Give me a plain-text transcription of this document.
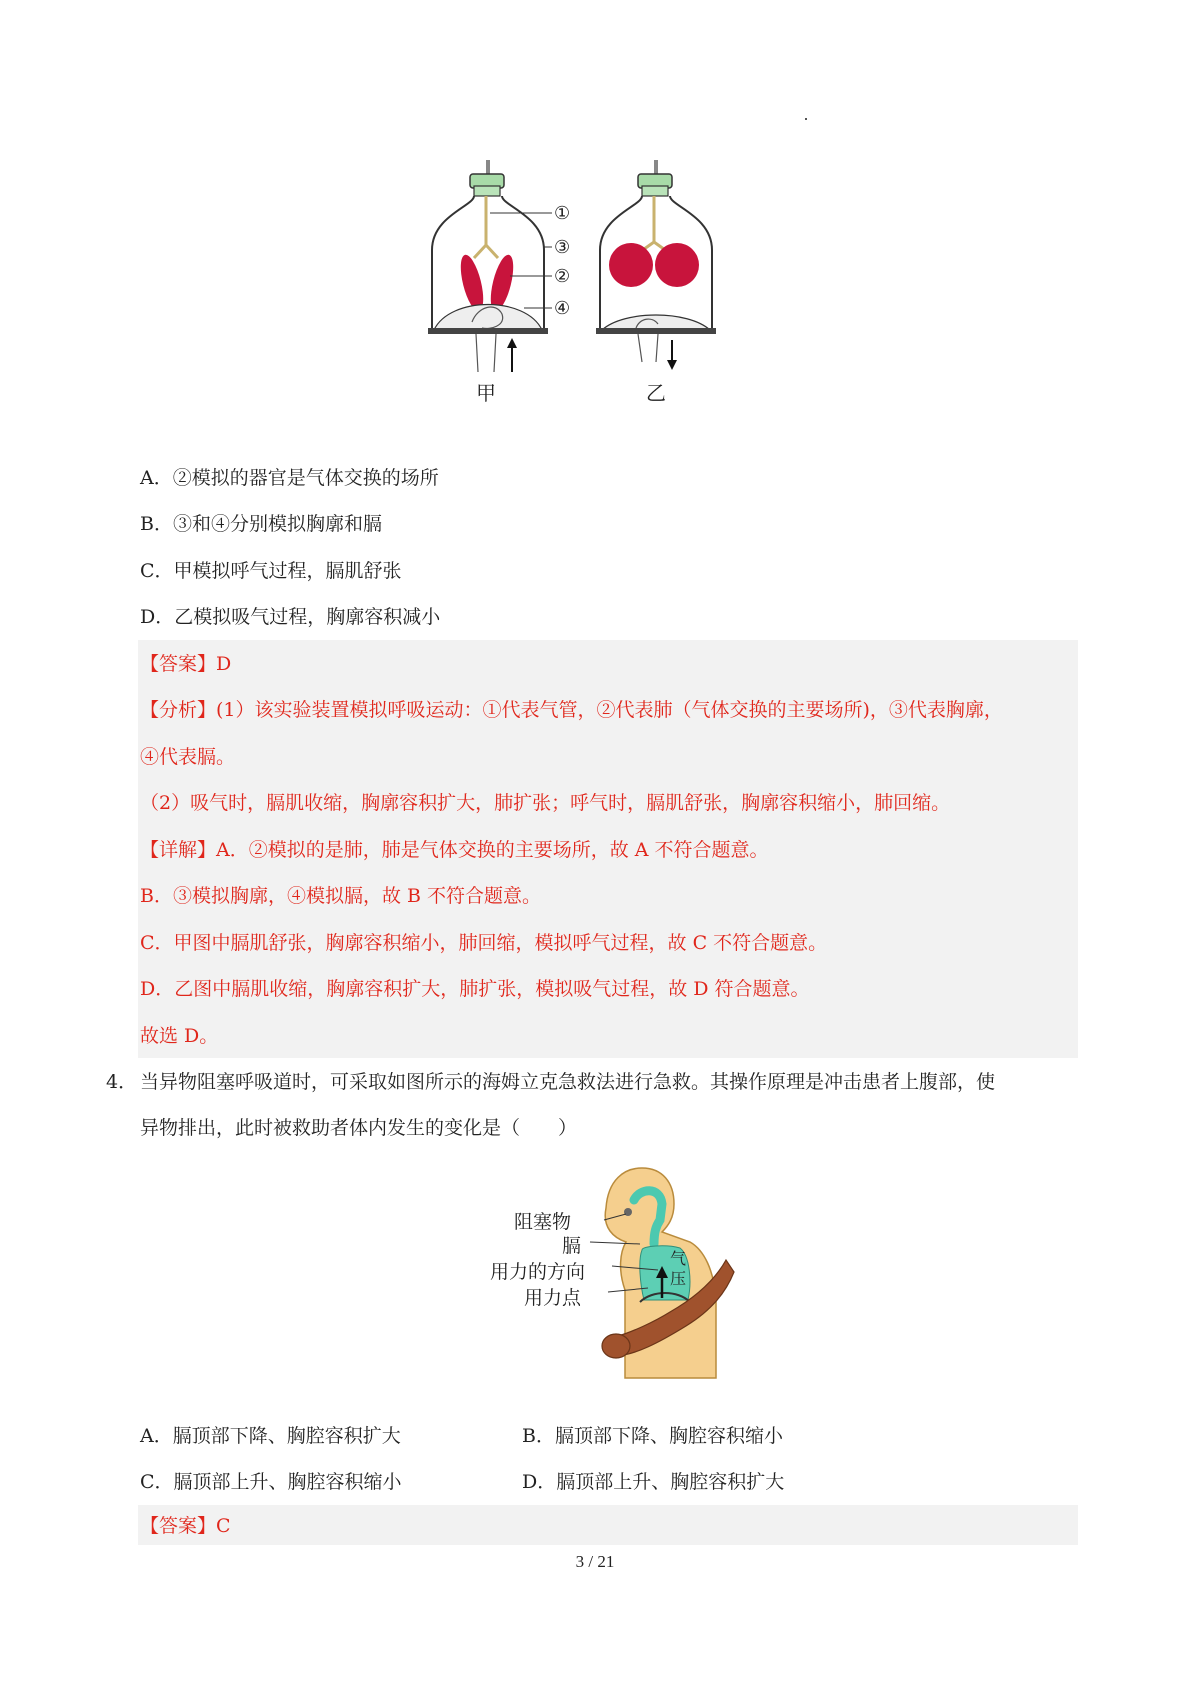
①
③
②
④
甲	乙
A．②模拟的器官是气体交换的场所
B．③和④分别模拟胸廓和膈
C．甲模拟呼气过程，膈肌舒张
D．乙模拟吸气过程，胸廓容积减小
【答案】D
【分析】(1）该实验装置模拟呼吸运动：①代表气管，②代表肺（气体交换的主要场所)，③代表胸廓，
④代表膈。
（2）吸气时，膈肌收缩，胸廓容积扩大，肺扩张；呼气时，膈肌舒张，胸廓容积缩小，肺回缩。
【详解】A．②模拟的是肺，肺是气体交换的主要场所，故 A 不符合题意。
B．③模拟胸廓，④模拟膈，故 B 不符合题意。
C．甲图中膈肌舒张，胸廓容积缩小，肺回缩，模拟呼气过程，故 C 不符合题意。
D．乙图中膈肌收缩，胸廓容积扩大，肺扩张，模拟吸气过程，故 D 符合题意。
故选 D。
4． 当异物阻塞呼吸道时，可采取如图所示的海姆立克急救法进行急救。其操作原理是冲击患者上腹部，使
异物排出，此时被救助者体内发生的变化是（　　）
阻塞物
膈
用力的方向
用力点
气
压
A．膈顶部下降、胸腔容积扩大	B．膈顶部下降、胸腔容积缩小
C．膈顶部上升、胸腔容积缩小	D．膈顶部上升、胸腔容积扩大
【答案】C
3 / 21
